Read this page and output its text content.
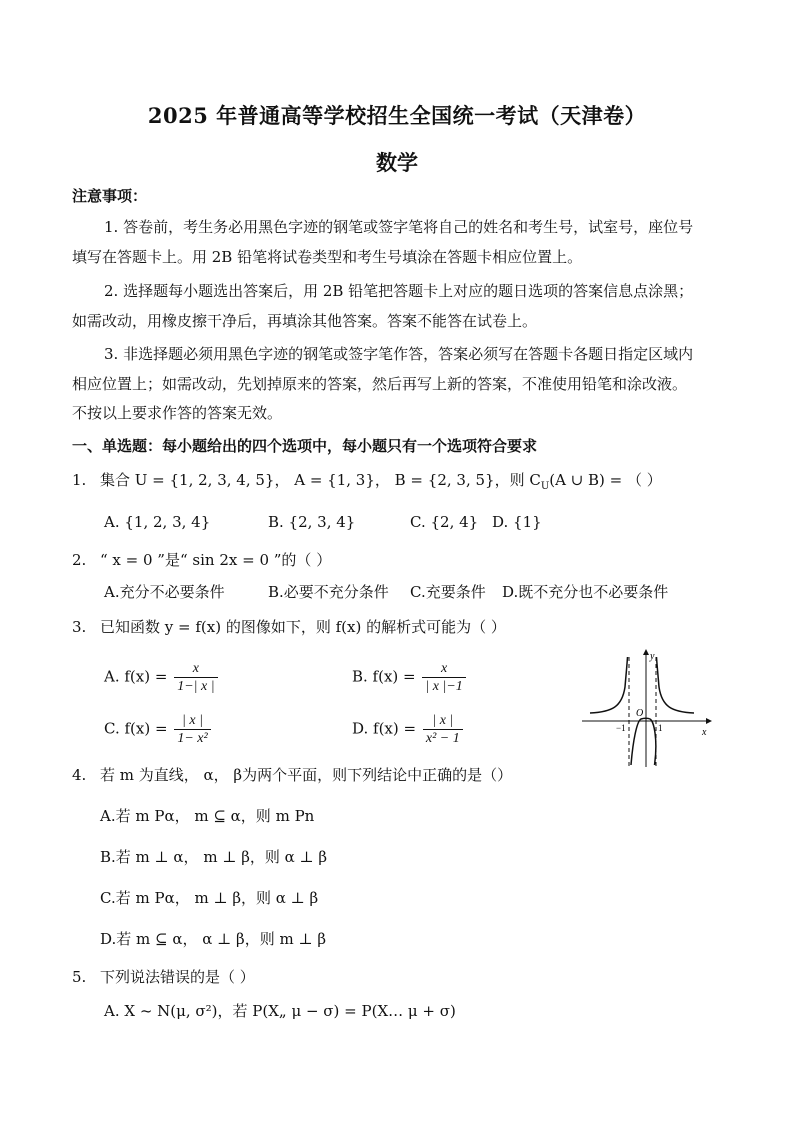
2025 年普通高等学校招生全国统一考试（天津卷）
数学
注意事项：
1. 答卷前，考生务必用黑色字迹的钢笔或签字笔将自己的姓名和考生号，试室号，座位号
填写在答题卡上。用 2B 铅笔将试卷类型和考生号填涂在答题卡相应位置上。
2. 选择题每小题选出答案后，用 2B 铅笔把答题卡上对应的题日选项的答案信息点涂黑；
如需改动，用橡皮擦干净后，再填涂其他答案。答案不能答在试卷上。
3. 非选择题必须用黑色字迹的钢笔或签字笔作答，答案必须写在答题卡各题日指定区域内
相应位置上；如需改动，先划掉原来的答案，然后再写上新的答案，不准使用铅笔和涂改液。
不按以上要求作答的答案无效。
一、单选题：每小题给出的四个选项中，每小题只有一个选项符合要求
1. 集合 U = {1, 2, 3, 4, 5}， A = {1, 3}， B = {2, 3, 5}，则 $C_U(A$ ∪ B) = （ ）
A. {1, 2, 3, 4}	B. {2, 3, 4}	C. {2, 4} D. {1}
2. “ x = 0 ”是“ sin 2x = 0 ”的（ ）
A.充分不必要条件	B.必要不充分条件 C.充要条件 D.既不充分也不必要条件
3. 已知函数 y = f(x) 的图像如下，则 f(x) 的解析式可能为（ ）
A. $f(x) = \frac{x}{1-| x |}$	B. $f(x) = \frac{x}{| x |-1}$
C. $f(x) = \frac{| x |}{\text{1− x²}}$	D. $f(x) = \frac{| x |}{\text{x² − 1}}$
y
x
O
−1	1
4. 若 m 为直线， α， β为两个平面，则下列结论中正确的是（）
A.若 m Pα， m ⊆ α，则 m Pn
B.若 m ⊥ α， m ⊥ β，则 α ⊥ β
C.若 m Pα， m ⊥ β，则 α ⊥ β
D.若 m ⊆ α， α ⊥ β，则 m ⊥ β
5. 下列说法错误的是（ ）
A. X ~ N(μ, σ²)，若 P(X„ μ − σ) = P(X… μ + σ)
